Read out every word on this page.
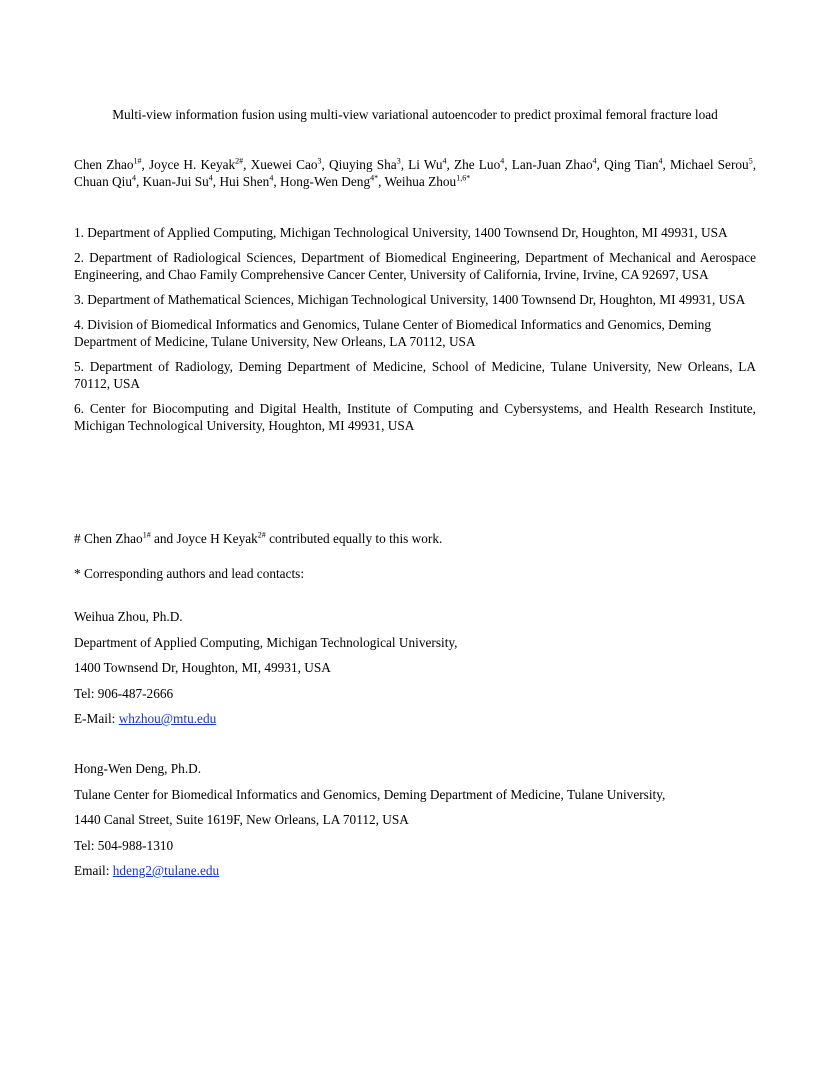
Multi-view information fusion using multi-view variational autoencoder to predict proximal femoral fracture load
Chen Zhao$^{1\#}$, Joyce H. Keyak$^{2\#}$, Xuewei Cao$^3$, Qiuying Sha$^3$, Li Wu$^4$, Zhe Luo$^4$, Lan-Juan Zhao$^4$, Qing Tian$^4$, Michael Serou$^5$, Chuan Qiu$^4$, Kuan-Jui Su$^4$, Hui Shen$^4$, Hong-Wen Deng$^{4*}$, Weihua Zhou$^{1,6*}$

1. Department of Applied Computing, Michigan Technological University, 1400 Townsend Dr, Houghton, MI 49931, USA

2. Department of Radiological Sciences, Department of Biomedical Engineering, Department of Mechanical and Aerospace Engineering, and Chao Family Comprehensive Cancer Center, University of California, Irvine, Irvine, CA 92697, USA

3. Department of Mathematical Sciences, Michigan Technological University, 1400 Townsend Dr, Houghton, MI 49931, USA

4. Division of Biomedical Informatics and Genomics, Tulane Center of Biomedical Informatics and Genomics, Deming
Department of Medicine, Tulane University, New Orleans, LA 70112, USA

5. Department of Radiology, Deming Department of Medicine, School of Medicine, Tulane University, New Orleans, LA 70112, USA

6. Center for Biocomputing and Digital Health, Institute of Computing and Cybersystems, and Health Research Institute, Michigan Technological University, Houghton, MI 49931, USA

# Chen Zhao$^{1\#}$ and Joyce H Keyak$^{2\#}$ contributed equally to this work.
* Corresponding authors and lead contacts:
Weihua Zhou, Ph.D.
Department of Applied Computing, Michigan Technological University,
1400 Townsend Dr, Houghton, MI, 49931, USA
Tel: 906-487-2666
E-Mail: whzhou@mtu.edu
Hong-Wen Deng, Ph.D.
Tulane Center for Biomedical Informatics and Genomics, Deming Department of Medicine, Tulane University,
1440 Canal Street, Suite 1619F, New Orleans, LA 70112, USA
Tel: 504-988-1310
Email: hdeng2@tulane.edu
